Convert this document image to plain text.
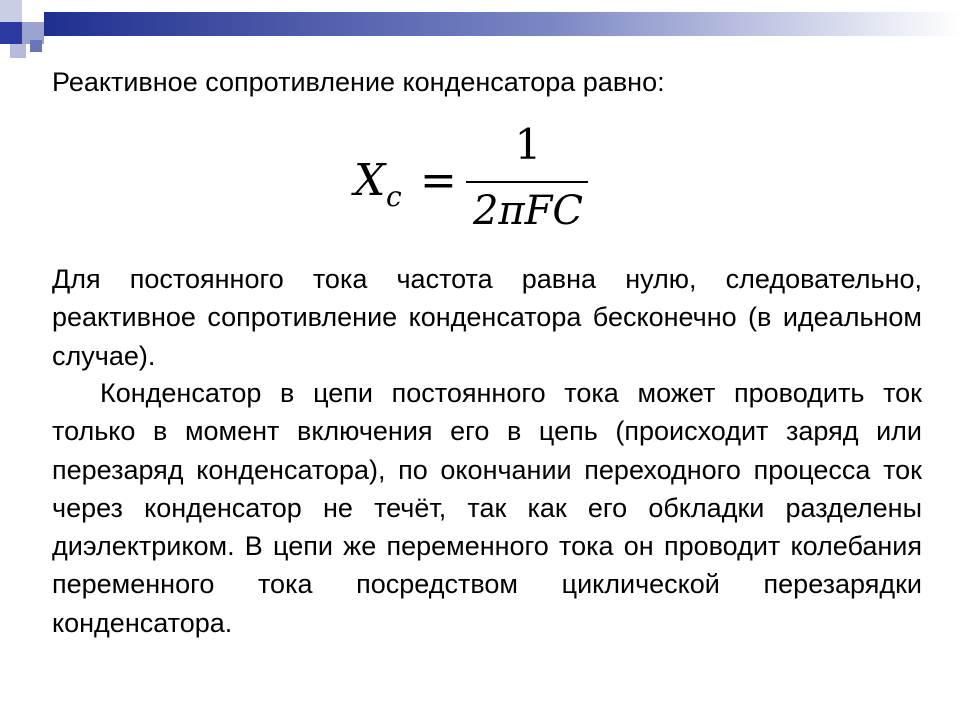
Реактивное сопротивление конденсатора равно:
X c =
1
2πFC

Для постоянного тока частота равна нулю, следовательно, реактивное сопротивление конденсатора бесконечно (в идеальном случае).

Конденсатор в цепи постоянного тока может проводить ток только в момент включения его в цепь (происходит заряд или перезаряд конденсатора), по окончании переходного процесса ток через конденсатор не течёт, так как его обкладки разделены диэлектриком. В цепи же переменного тока он проводит колебания переменного тока посредством циклической перезарядки конденсатора.
